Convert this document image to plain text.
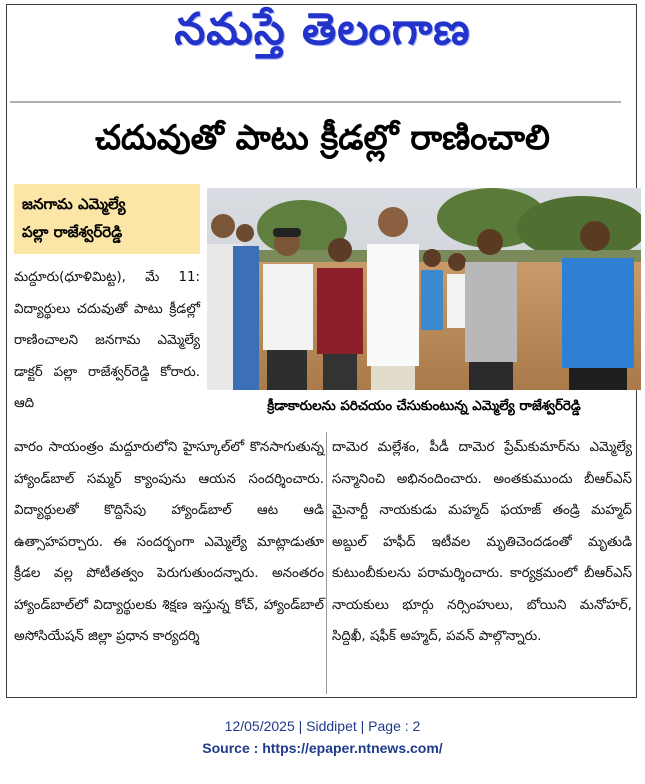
నమస్తే తెలంగాణ
చదువుతో పాటు క్రీడల్లో రాణించాలి
జనగామ ఎమ్మెల్యే
పల్లా రాజేశ్వర్‌రెడ్డి
మద్దూరు(ధూళిమిట్ట), మే 11: విద్యార్థులు చదువుతో పాటు క్రీడల్లో రాణించాలని జనగామ ఎమ్మెల్యే డాక్టర్ పల్లా రాజేశ్వర్‌రెడ్డి కోరారు. ఆది	క్రీడాకారులను పరిచయం చేసుకుంటున్న ఎమ్మెల్యే రాజేశ్వర్‌రెడ్డి
వారం సాయంత్రం మద్దూరులోని హైస్కూల్‌లో కొనసాగుతున్న హ్యాండ్‌బాల్ సమ్మర్ క్యాంపును ఆయన సందర్శించారు. విద్యార్థులతో కొద్దిసేపు హ్యాండ్‌బాల్ ఆట ఆడి ఉత్సాహపర్చారు. ఈ సందర్భంగా ఎమ్మెల్యే మాట్లాడుతూ క్రీడల వల్ల పోటీతత్వం పెరుగుతుందన్నారు. అనంతరం హ్యాండ్‌బాల్‌లో విద్యార్థులకు శిక్షణ ఇస్తున్న కోచ్, హ్యాండ్‌బాల్ అసోసియేషన్ జిల్లా ప్రధాన కార్యదర్శి
దామెర మల్లేశం, పీడీ దామెర ప్రేమ్‌కుమార్‌ను ఎమ్మెల్యే సన్మానించి అభినందించారు. అంతకుముందు బీఆర్‌ఎస్ మైనార్టీ నాయకుడు మహ్మద్ ఫయాజ్ తండ్రి మహ్మద్ అబ్దుల్ హఫీద్ ఇటీవల మృతిచెందడంతో మృతుడి కుటుంబీకులను పరామర్శించారు. కార్యక్రమంలో బీఆర్‌ఎస్ నాయకులు భూర్గు నర్సింహులు, బోయిని మనోహర్, సిద్దిఖీ, షఫీక్ అహ్మద్, పవన్ పాల్గొన్నారు.
12/05/2025 | Siddipet | Page : 2
Source : https://epaper.ntnews.com/
